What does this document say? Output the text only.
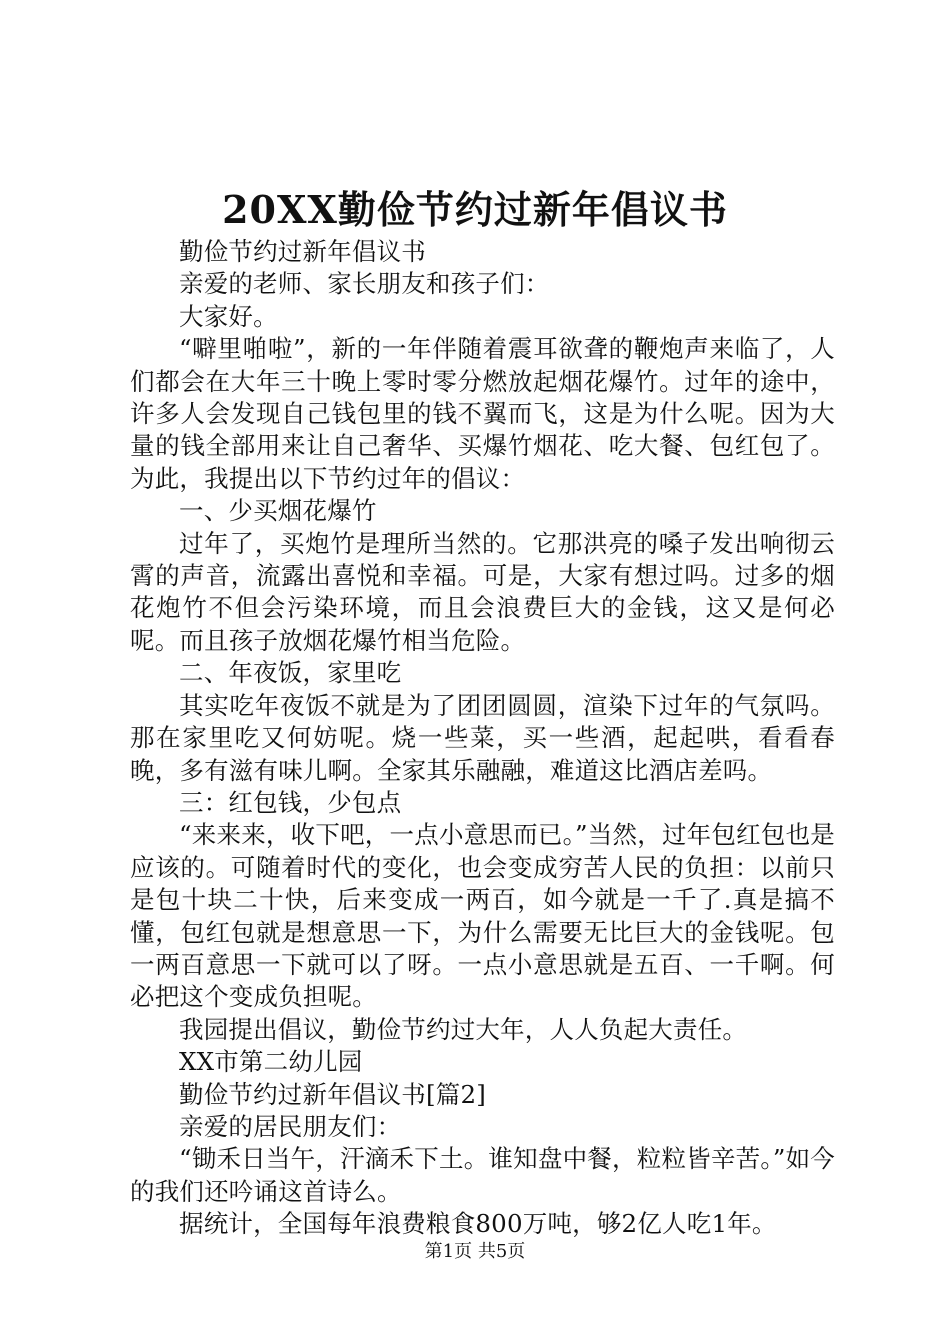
20XX勤俭节约过新年倡议书

勤俭节约过新年倡议书

亲爱的老师、家长朋友和孩子们：

大家好。

“噼里啪啦”，新的一年伴随着震耳欲聋的鞭炮声来临了，人们都会在大年三十晚上零时零分燃放起烟花爆竹。过年的途中，许多人会发现自己钱包里的钱不翼而飞，这是为什么呢。因为大量的钱全部用来让自己奢华、买爆竹烟花、吃大餐、包红包了。为此，我提出以下节约过年的倡议：

一、少买烟花爆竹

过年了，买炮竹是理所当然的。它那洪亮的嗓子发出响彻云霄的声音，流露出喜悦和幸福。可是，大家有想过吗。过多的烟花炮竹不但会污染环境，而且会浪费巨大的金钱，这又是何必呢。而且孩子放烟花爆竹相当危险。

二、年夜饭，家里吃

其实吃年夜饭不就是为了团团圆圆，渲染下过年的气氛吗。那在家里吃又何妨呢。烧一些菜，买一些酒，起起哄，看看春晚，多有滋有味儿啊。全家其乐融融，难道这比酒店差吗。

三：红包钱，少包点

“来来来，收下吧，一点小意思而已。”当然，过年包红包也是应该的。可随着时代的变化，也会变成穷苦人民的负担：以前只是包十块二十快，后来变成一两百，如今就是一千了.真是搞不懂，包红包就是想意思一下，为什么需要无比巨大的金钱呢。包一两百意思一下就可以了呀。一点小意思就是五百、一千啊。何必把这个变成负担呢。

我园提出倡议，勤俭节约过大年，人人负起大责任。

XX市第二幼儿园

勤俭节约过新年倡议书[篇2]

亲爱的居民朋友们：

“锄禾日当午，汗滴禾下土。谁知盘中餐，粒粒皆辛苦。”如今的我们还吟诵这首诗么。

据统计，全国每年浪费粮食800万吨，够2亿人吃1年。

第1页 共5页
